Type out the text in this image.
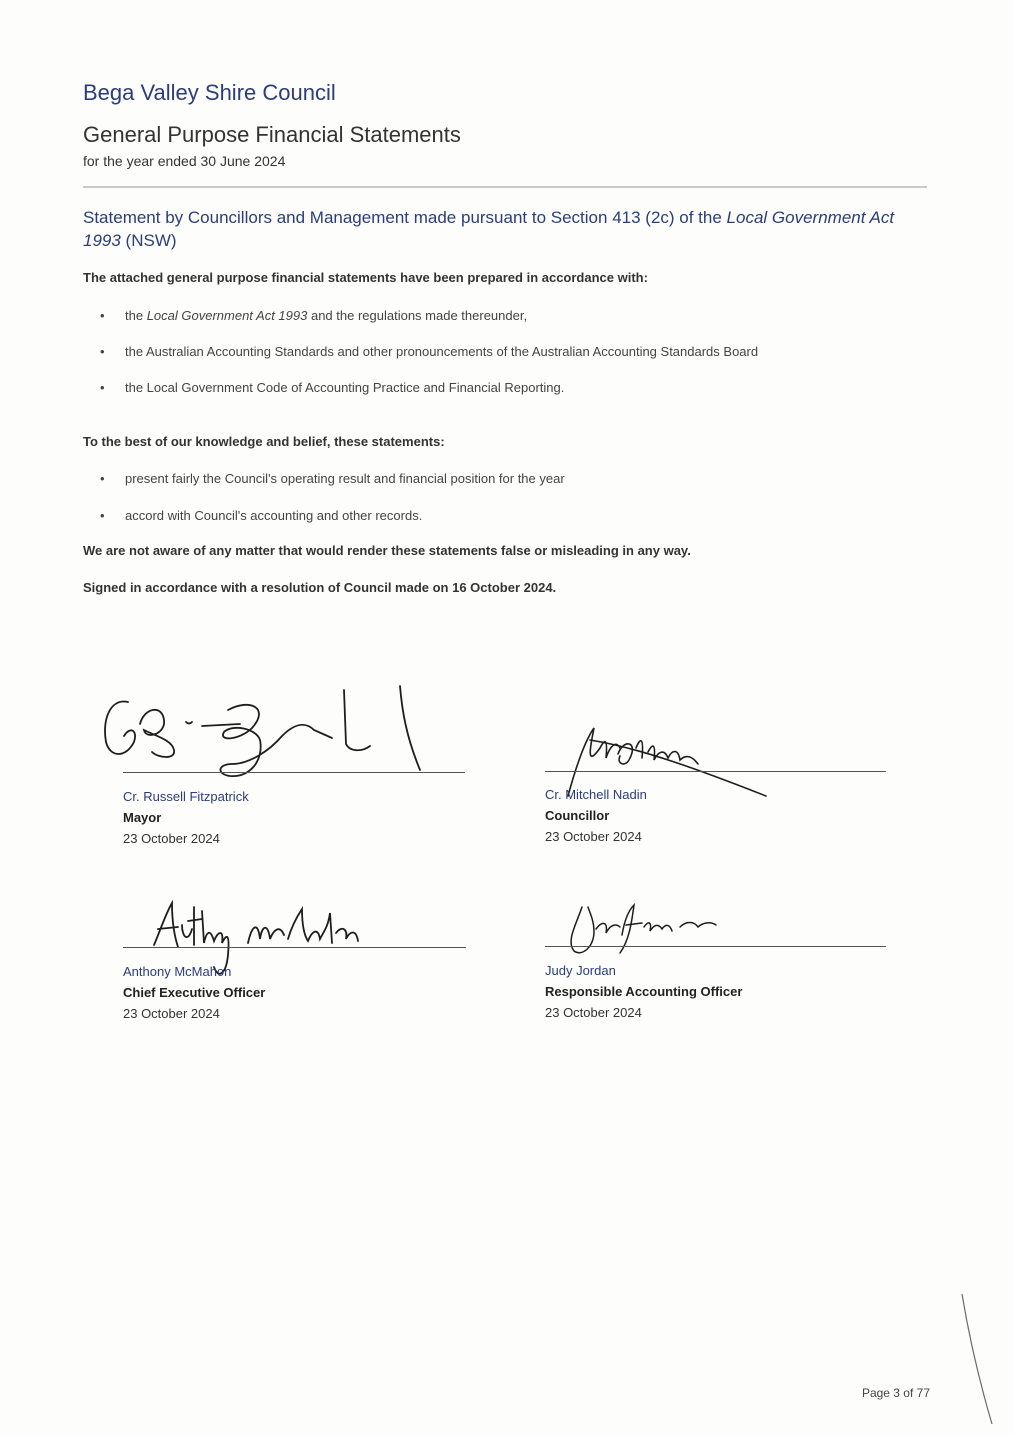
Bega Valley Shire Council
General Purpose Financial Statements
for the year ended 30 June 2024
Statement by Councillors and Management made pursuant to Section 413 (2c) of the Local Government Act 1993 (NSW)
The attached general purpose financial statements have been prepared in accordance with:
• the Local Government Act 1993 and the regulations made thereunder,
• the Australian Accounting Standards and other pronouncements of the Australian Accounting Standards Board
• the Local Government Code of Accounting Practice and Financial Reporting.
To the best of our knowledge and belief, these statements:
• present fairly the Council's operating result and financial position for the year
• accord with Council's accounting and other records.
We are not aware of any matter that would render these statements false or misleading in any way.
Signed in accordance with a resolution of Council made on 16 October 2024.
Cr. Russell Fitzpatrick
Mayor
23 October 2024
Cr. Mitchell Nadin
Councillor
23 October 2024
Anthony McMahon
Chief Executive Officer
23 October 2024
Judy Jordan
Responsible Accounting Officer
23 October 2024
Page 3 of 77
